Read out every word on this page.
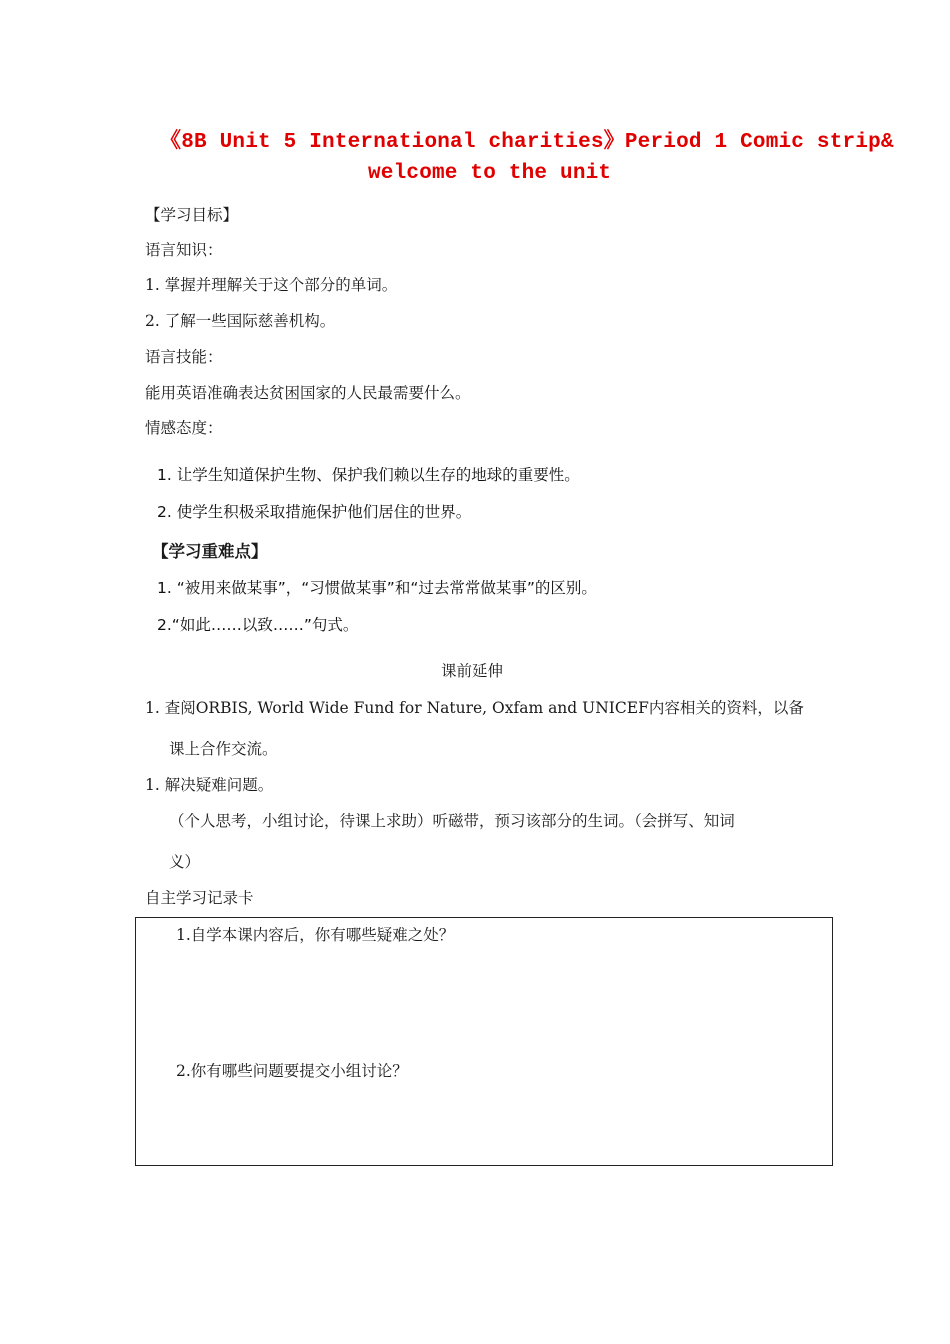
《8B Unit 5 International charities》Period 1 Comic strip&
welcome to the unit
【学习目标】
语言知识：
1. 掌握并理解关于这个部分的单词。
2. 了解一些国际慈善机构。
语言技能：
能用英语准确表达贫困国家的人民最需要什么。
情感态度：
1. 让学生知道保护生物、保护我们赖以生存的地球的重要性。
2. 使学生积极采取措施保护他们居住的世界。
【学习重难点】
1. “被用来做某事”，“习惯做某事”和“过去常常做某事”的区别。
2.“如此……以致……”句式。
课前延伸
1. 查阅ORBIS, World Wide Fund for Nature, Oxfam and UNICEF内容相关的资料，以备
课上合作交流。
1. 解决疑难问题。
（个人思考，小组讨论，待课上求助）听磁带，预习该部分的生词。（会拼写、知词
义）
自主学习记录卡
1.自学本课内容后，你有哪些疑难之处？
2.你有哪些问题要提交小组讨论？
